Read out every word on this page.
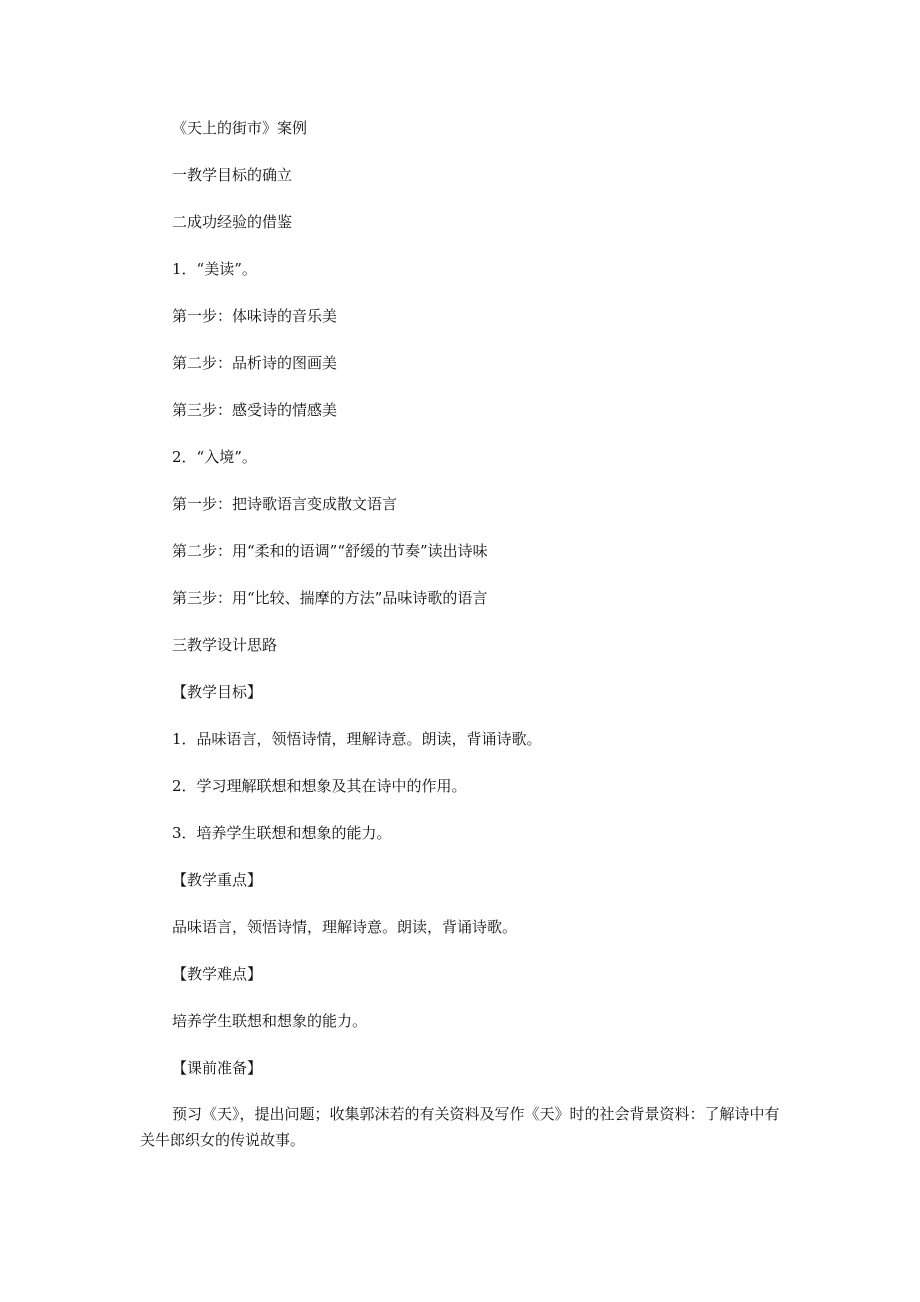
《天上的街市》案例
一教学目标的确立
二成功经验的借鉴
1．“美读”。
第一步：体味诗的音乐美
第二步：品析诗的图画美
第三步：感受诗的情感美
2．“入境”。
第一步：把诗歌语言变成散文语言
第二步：用“柔和的语调”“舒缓的节奏”读出诗味
第三步：用“比较、揣摩的方法”品味诗歌的语言
三教学设计思路
【教学目标】
1．品味语言，领悟诗情，理解诗意。朗读，背诵诗歌。
2．学习理解联想和想象及其在诗中的作用。
3．培养学生联想和想象的能力。
【教学重点】
品味语言，领悟诗情，理解诗意。朗读，背诵诗歌。
【教学难点】
培养学生联想和想象的能力。
【课前准备】

预习《天》，提出问题；收集郭沫若的有关资料及写作《天》时的社会背景资料：了解诗中有关牛郎织女的传说故事。
